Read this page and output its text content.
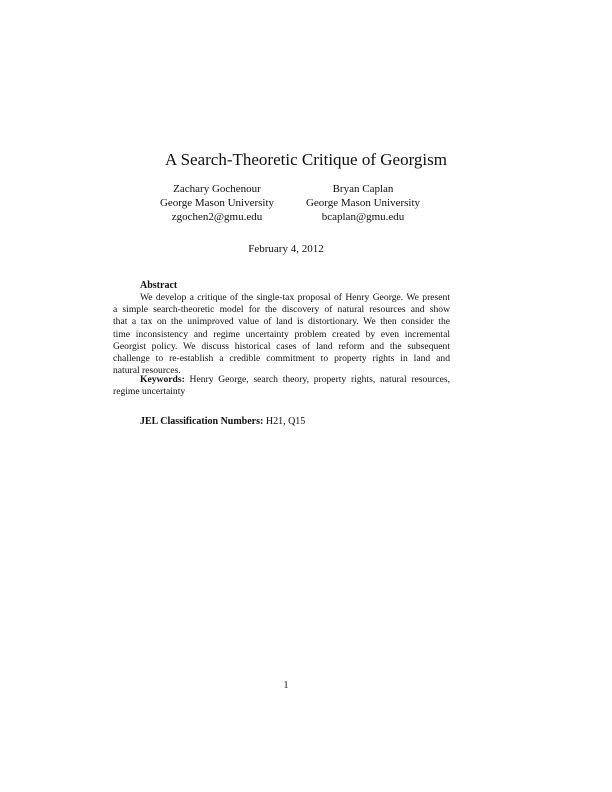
A Search-Theoretic Critique of Georgism
Zachary Gochenour
George Mason University
zgochen2@gmu.edu
Bryan Caplan
George Mason University
bcaplan@gmu.edu
February 4, 2012
Abstract
We develop a critique of the single-tax proposal of Henry George. We present
a simple search-theoretic model for the discovery of natural resources and show
that a tax on the unimproved value of land is distortionary. We then consider the
time inconsistency and regime uncertainty problem created by even incremental
Georgist policy. We discuss historical cases of land reform and the subsequent
challenge to re-establish a credible commitment to property rights in land and
natural resources.
Keywords: Henry George, search theory, property rights, natural resources,
regime uncertainty
JEL Classification Numbers: H21, Q15
1
